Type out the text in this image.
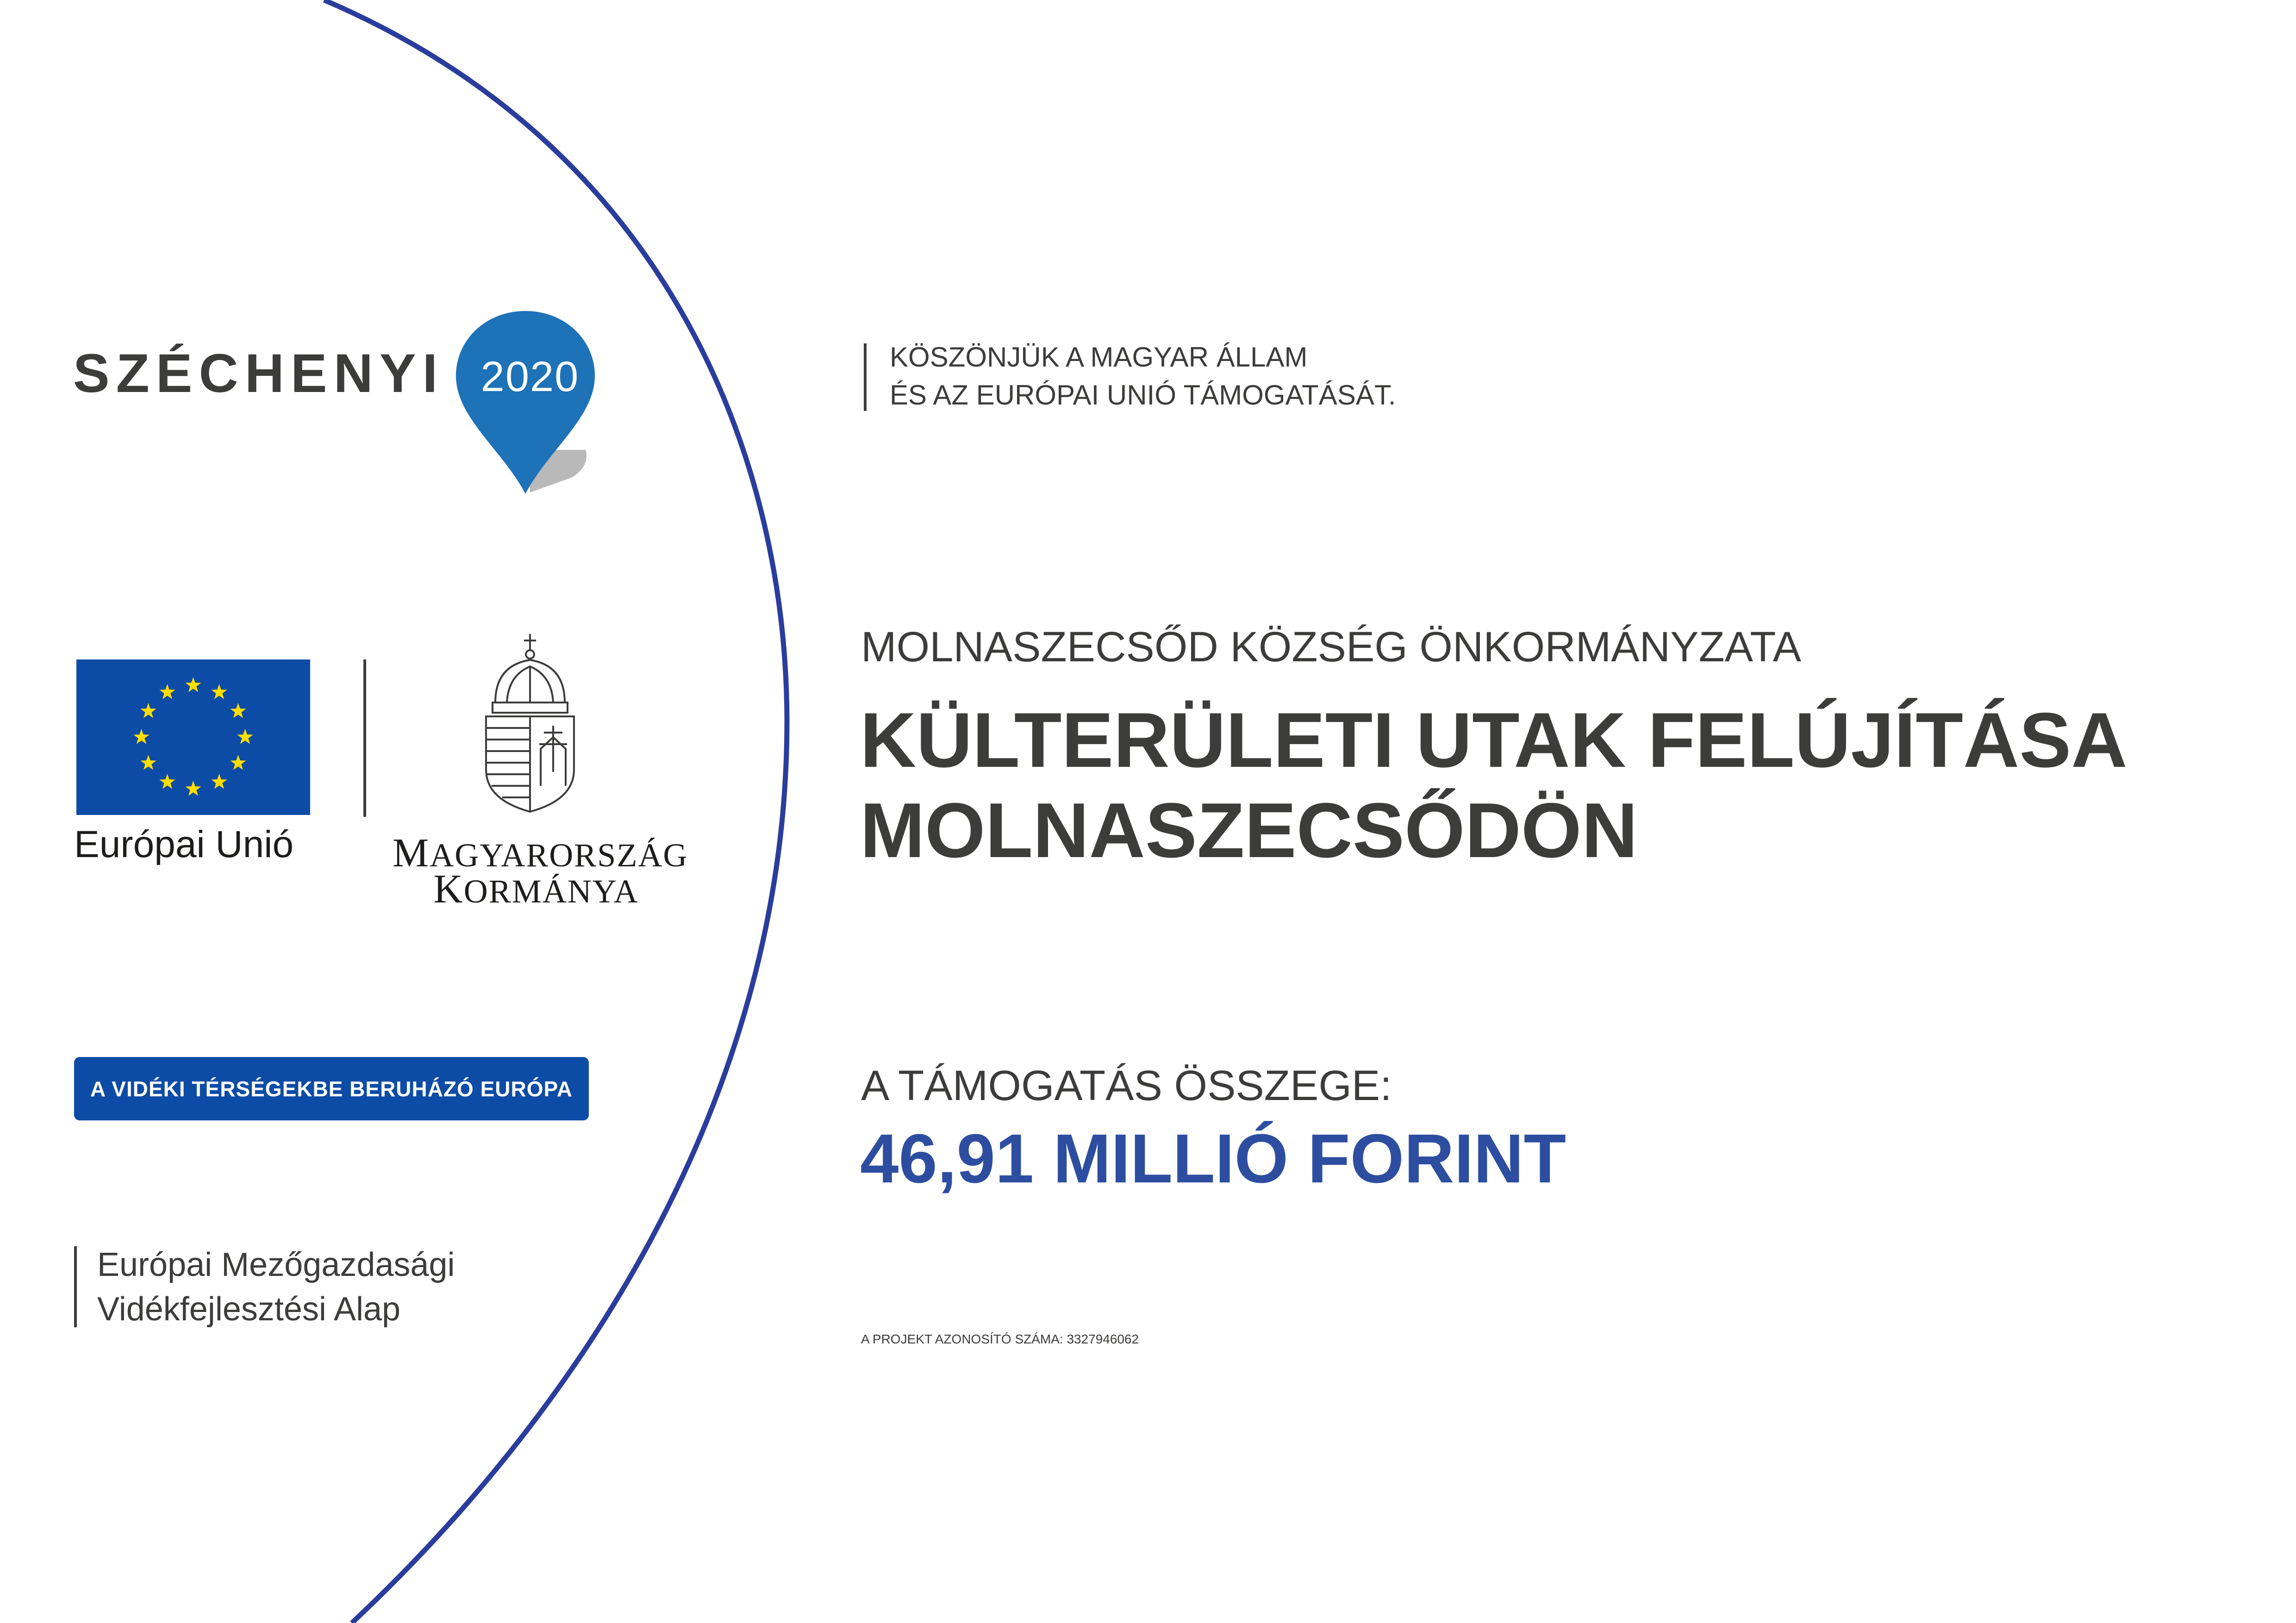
SZÉCHENYI 2020
Európai Unió MAGYARORSZÁG
KORMÁNYA
A VIDÉKI TÉRSÉGEKBE BERUHÁZÓ EURÓPA
Európai Mezőgazdasági
Vidékfejlesztési Alap
KÖSZÖNJÜK A MAGYAR ÁLLAM
ÉS AZ EURÓPAI UNIÓ TÁMOGATÁSÁT.
MOLNASZECSŐD KÖZSÉG ÖNKORMÁNYZATA
KÜLTERÜLETI UTAK FELÚJÍTÁSA
MOLNASZECSŐDÖN
A TÁMOGATÁS ÖSSZEGE:
46,91 MILLIÓ FORINT
A PROJEKT AZONOSÍTÓ SZÁMA: 3327946062
